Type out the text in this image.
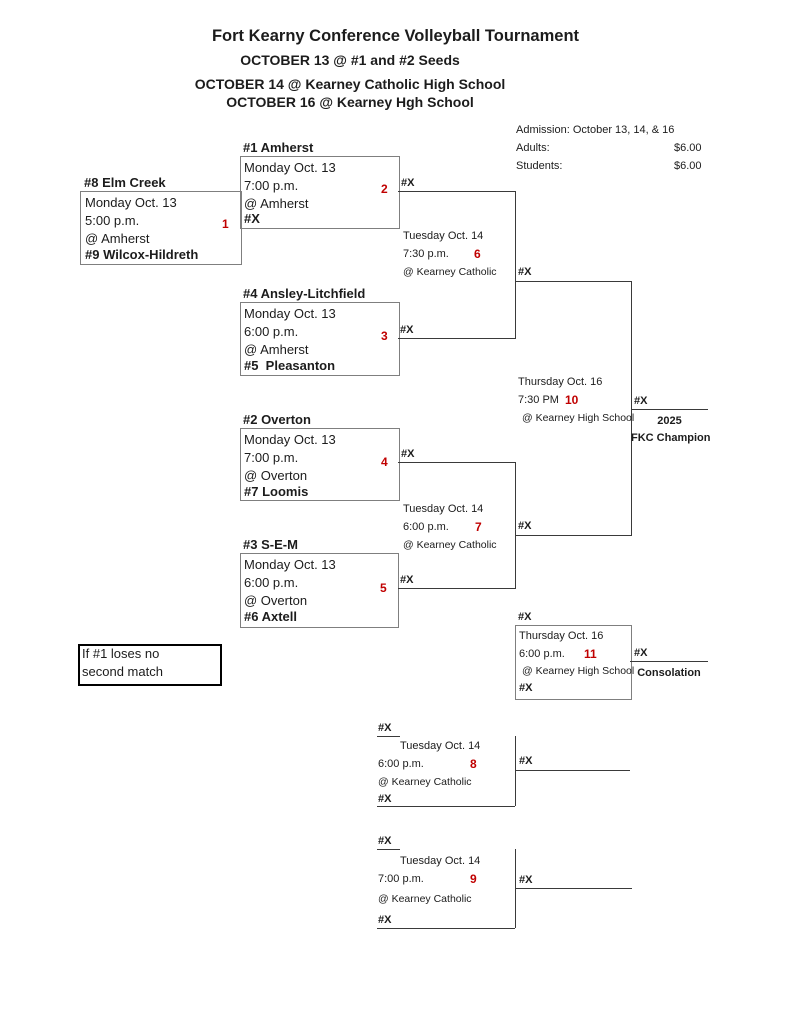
Fort Kearny Conference Volleyball Tournament
OCTOBER 13 @ #1 and #2 Seeds
OCTOBER 14 @ Kearney Catholic High School
OCTOBER 16 @ Kearney Hgh School
Admission: October 13, 14, & 16
Adults:	$6.00
Students:	$6.00
#8 Elm Creek
Monday Oct. 13
5:00 p.m.	1
@ Amherst
#9 Wilcox-Hildreth
#1 Amherst
Monday Oct. 13
7:00 p.m.	2
@ Amherst
#X
#4 Ansley-Litchfield
Monday Oct. 13
6:00 p.m.	3
@ Amherst
#5  Pleasanton
#2 Overton
Monday Oct. 13
7:00 p.m.	4
@ Overton
#7 Loomis
#3 S-E-M
Monday Oct. 13
6:00 p.m.	5
@ Overton
#6 Axtell
#X
Tuesday Oct. 14
7:30 p.m. 6
@ Kearney Catholic
#X
#X
#X
Tuesday Oct. 14
6:00 p.m. 7
@ Kearney Catholic
#X
#X
Thursday Oct. 16
7:30 PM 10
@ Kearney High School
#X
2025
FKC Champion
#X
Thursday Oct. 16
6:00 p.m. 11
@ Kearney High School
#X
#X
Consolation
#X
Tuesday Oct. 14
6:00 p.m.	8
@ Kearney Catholic
#X
#X
#X
Tuesday Oct. 14
7:00 p.m.	9
@ Kearney Catholic
#X
#X
If #1 loses no
second match
